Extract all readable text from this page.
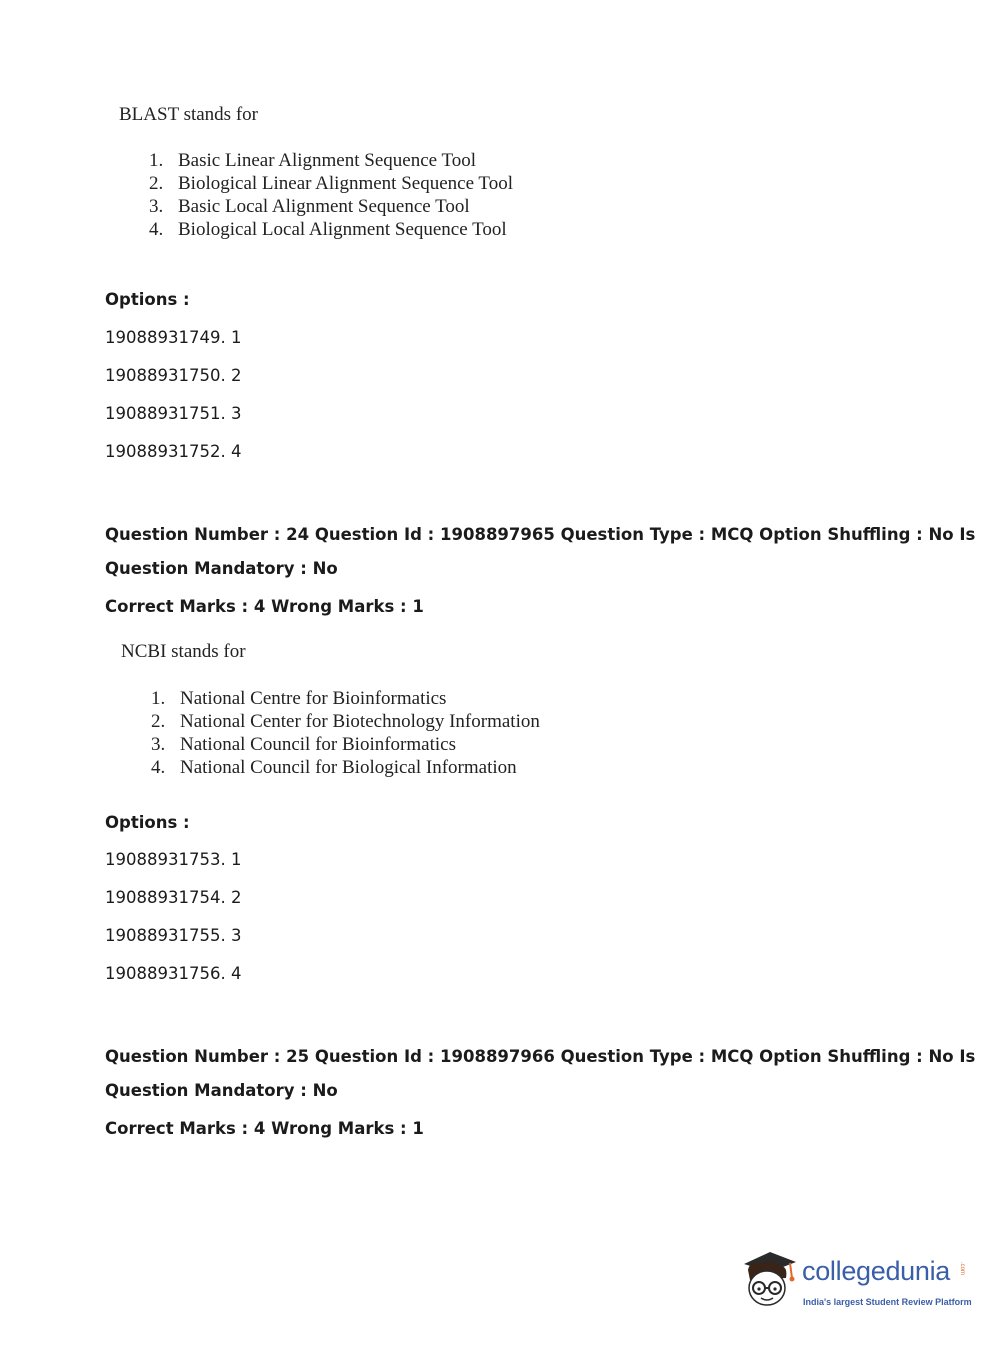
BLAST stands for
1. Basic Linear Alignment Sequence Tool
2. Biological Linear Alignment Sequence Tool
3. Basic Local Alignment Sequence Tool
4. Biological Local Alignment Sequence Tool
Options :
19088931749. 1
19088931750. 2
19088931751. 3
19088931752. 4
Question Number : 24 Question Id : 1908897965 Question Type : MCQ Option Shuffling : No Is
Question Mandatory : No
Correct Marks : 4 Wrong Marks : 1
NCBI stands for
1. National Centre for Bioinformatics
2. National Center for Biotechnology Information
3. National Council for Bioinformatics
4. National Council for Biological Information
Options :
19088931753. 1
19088931754. 2
19088931755. 3
19088931756. 4
Question Number : 25 Question Id : 1908897966 Question Type : MCQ Option Shuffling : No Is
Question Mandatory : No
Correct Marks : 4 Wrong Marks : 1
collegedunia .com
India's largest Student Review Platform
